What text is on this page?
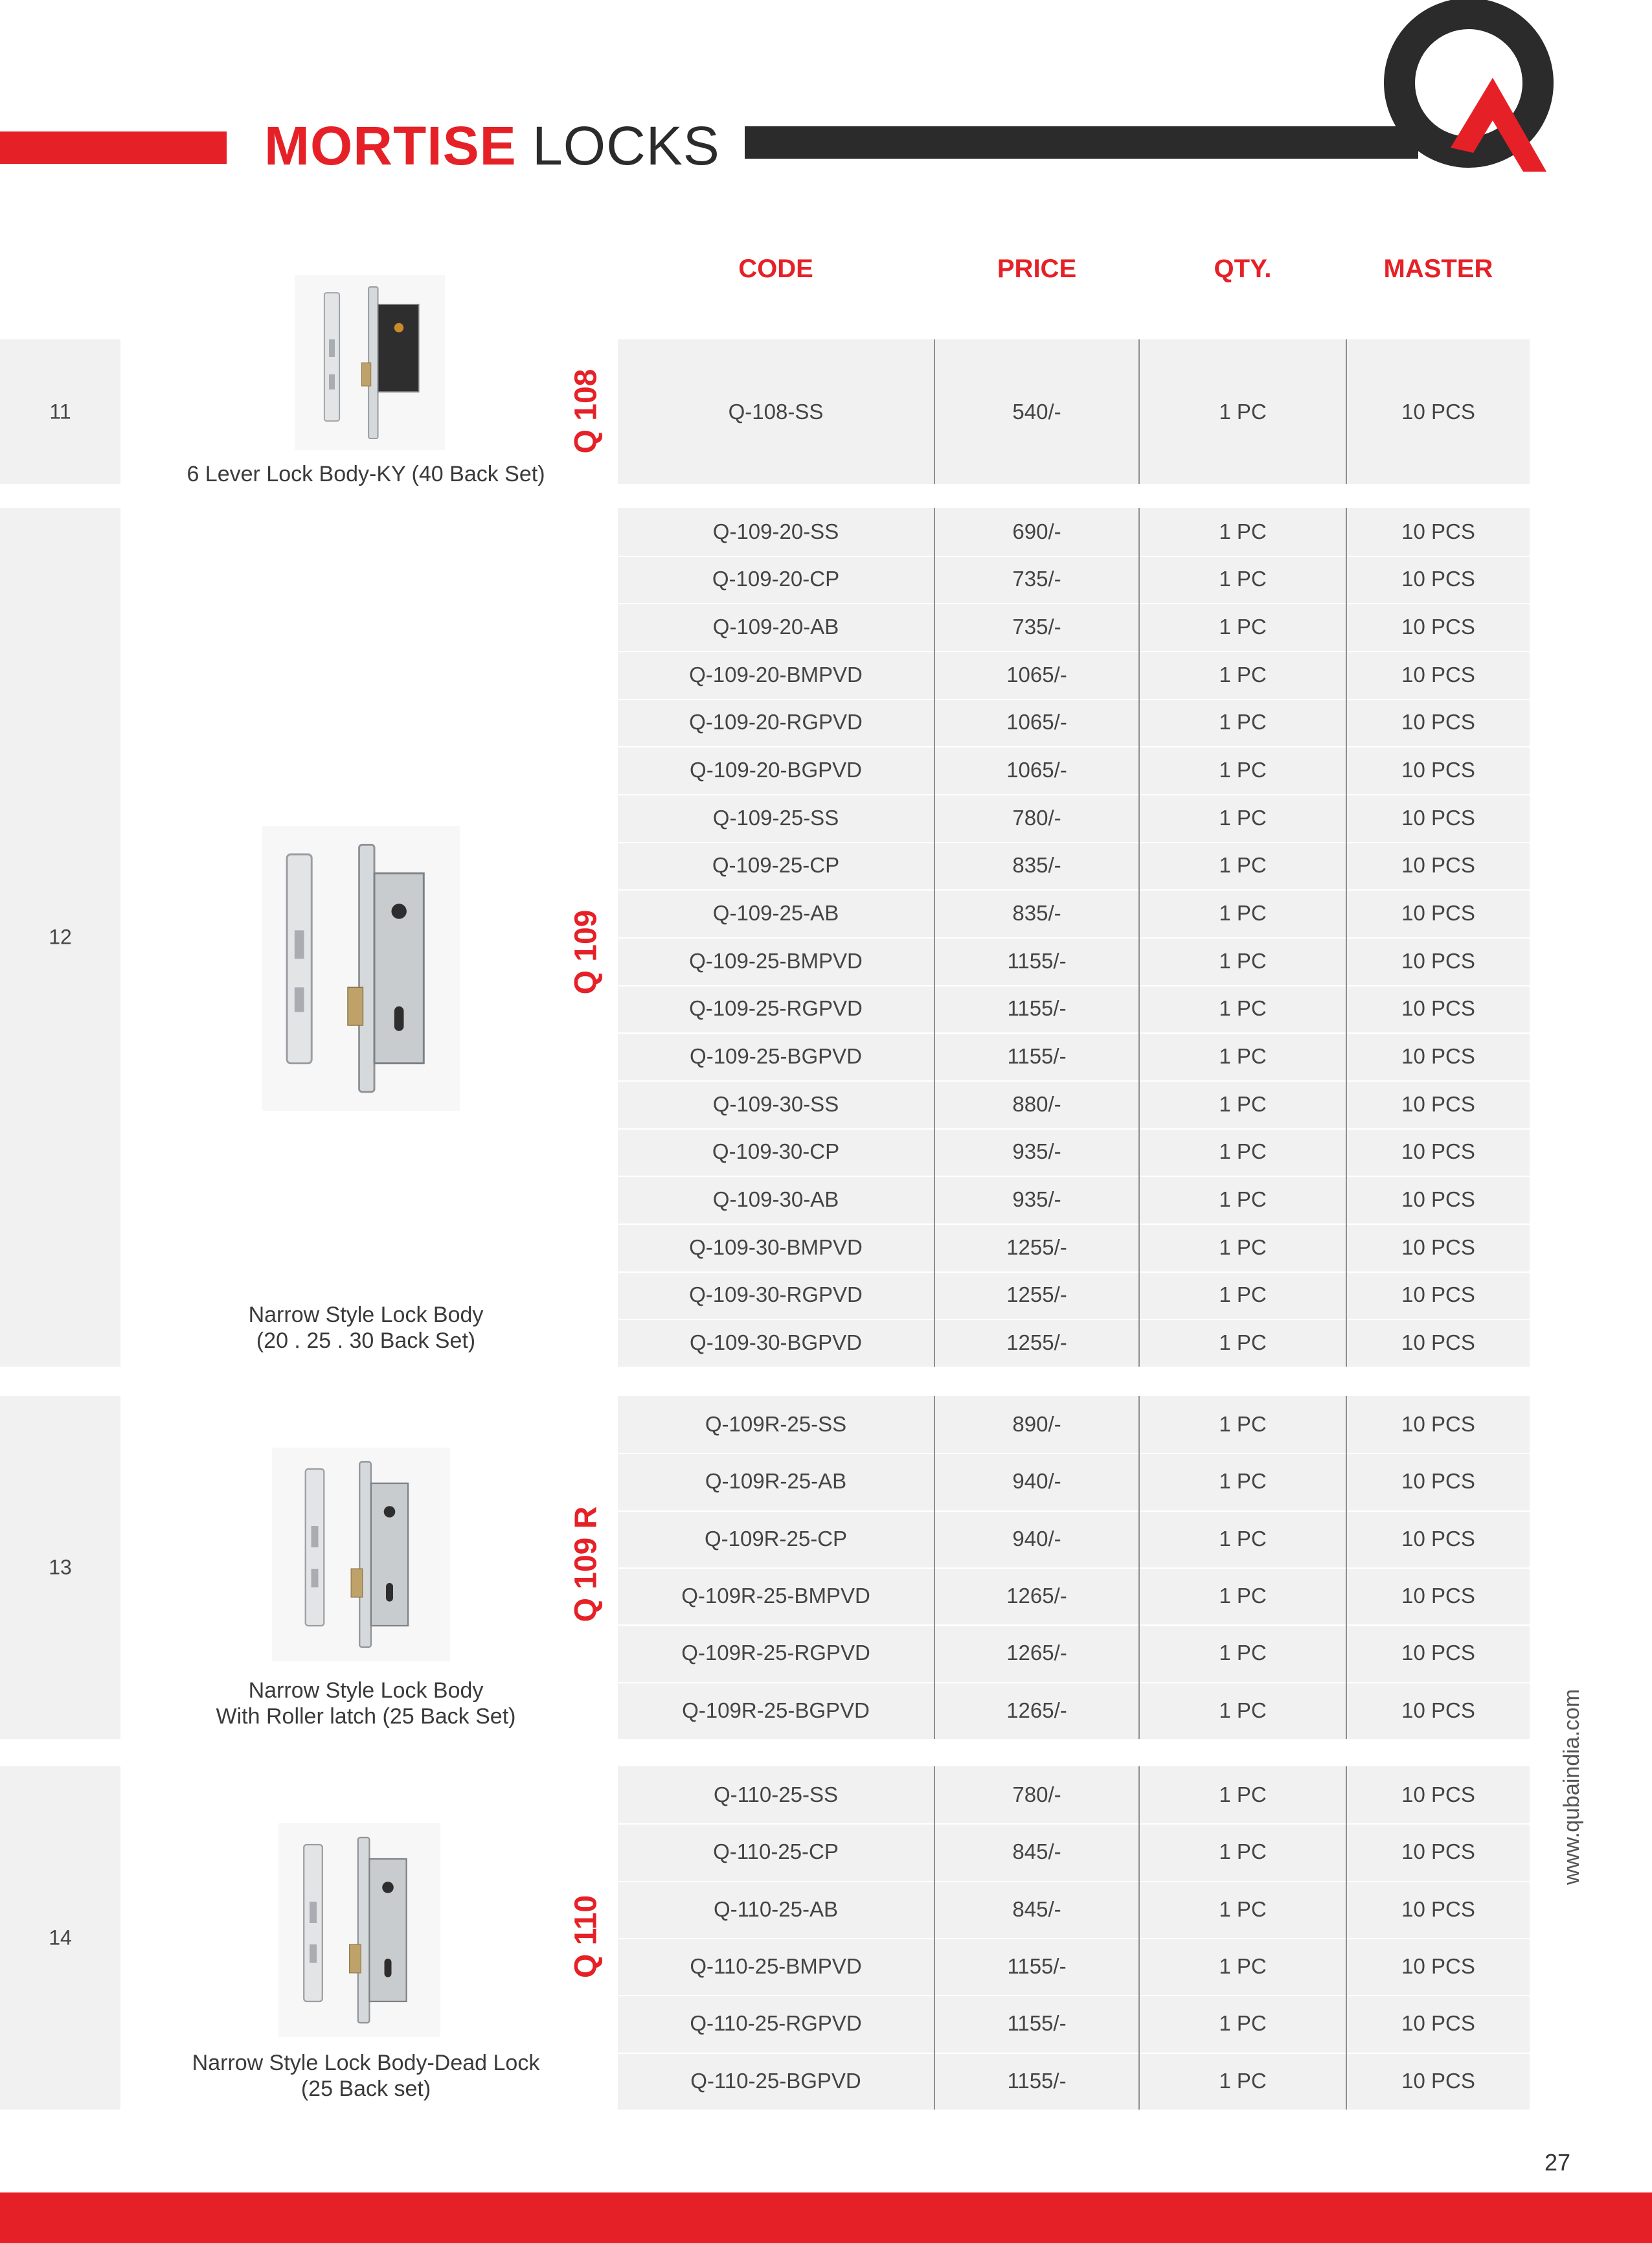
MORTISE LOCKS
CODE	PRICE	QTY.	MASTER
11
6 Lever Lock Body-KY (40 Back Set)
Q 108	Q-108-SS	540/-	1 PC	10 PCS
12
Narrow Style Lock Body
(20 . 25 . 30 Back Set)
Q 109
Q-109-20-SS	690/-	1 PC	10 PCS
Q-109-20-CP	735/-	1 PC	10 PCS
Q-109-20-AB	735/-	1 PC	10 PCS
Q-109-20-BMPVD	1065/-	1 PC	10 PCS
Q-109-20-RGPVD	1065/-	1 PC	10 PCS
Q-109-20-BGPVD	1065/-	1 PC	10 PCS
Q-109-25-SS	780/-	1 PC	10 PCS
Q-109-25-CP	835/-	1 PC	10 PCS
Q-109-25-AB	835/-	1 PC	10 PCS
Q-109-25-BMPVD	1155/-	1 PC	10 PCS
Q-109-25-RGPVD	1155/-	1 PC	10 PCS
Q-109-25-BGPVD	1155/-	1 PC	10 PCS
Q-109-30-SS	880/-	1 PC	10 PCS
Q-109-30-CP	935/-	1 PC	10 PCS
Q-109-30-AB	935/-	1 PC	10 PCS
Q-109-30-BMPVD	1255/-	1 PC	10 PCS
Q-109-30-RGPVD	1255/-	1 PC	10 PCS
Q-109-30-BGPVD	1255/-	1 PC	10 PCS
13
Narrow Style Lock Body
With Roller latch (25 Back Set)
Q 109 R
Q-109R-25-SS	890/-	1 PC	10 PCS
Q-109R-25-AB	940/-	1 PC	10 PCS
Q-109R-25-CP	940/-	1 PC	10 PCS
Q-109R-25-BMPVD	1265/-	1 PC	10 PCS
Q-109R-25-RGPVD	1265/-	1 PC	10 PCS
Q-109R-25-BGPVD	1265/-	1 PC	10 PCS
14
Narrow Style Lock Body-Dead Lock
(25 Back set)
Q 110
Q-110-25-SS	780/-	1 PC	10 PCS
Q-110-25-CP	845/-	1 PC	10 PCS
Q-110-25-AB	845/-	1 PC	10 PCS
Q-110-25-BMPVD	1155/-	1 PC	10 PCS
Q-110-25-RGPVD	1155/-	1 PC	10 PCS
Q-110-25-BGPVD	1155/-	1 PC	10 PCS
www.qubaindia.com
27
